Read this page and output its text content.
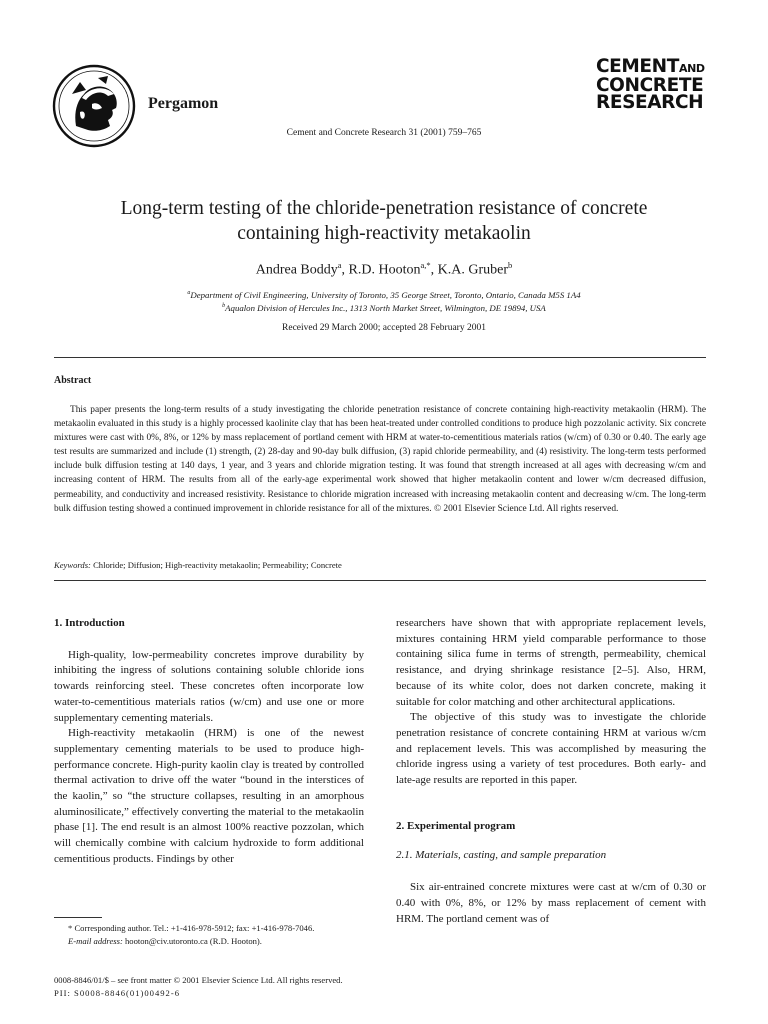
Pergamon
Cement and Concrete Research 31 (2001) 759–765
CEMENTAND
CONCRETE
RESEARCH
Long-term testing of the chloride-penetration resistance of concrete
containing high-reactivity metakaolin
Andrea Boddy$^a$, R.D. Hooton$^{a,*}$, K.A. Gruber$^b$
$^a$Department of Civil Engineering, University of Toronto, 35 George Street, Toronto, Ontario, Canada M5S 1A4
$^b$Aqualon Division of Hercules Inc., 1313 North Market Street, Wilmington, DE 19894, USA
Received 29 March 2000; accepted 28 February 2001
Abstract

This paper presents the long-term results of a study investigating the chloride penetration resistance of concrete containing high-reactivity metakaolin (HRM). The metakaolin evaluated in this study is a highly processed kaolinite clay that has been heat-treated under controlled conditions to produce high pozzolanic activity. Six concrete mixtures were cast with 0%, 8%, or 12% by mass replacement of portland cement with HRM at water-to-cementitious materials ratios (w/cm) of 0.30 or 0.40. The early age test results are summarized and include (1) strength, (2) 28-day and 90-day bulk diffusion, (3) rapid chloride permeability, and (4) resistivity. The long-term tests performed include bulk diffusion testing at 140 days, 1 year, and 3 years and chloride migration testing. It was found that strength increased at all ages with decreasing w/cm and increasing content of HRM. The results from all of the early-age experimental work showed that higher metakaolin content and lower w/cm decreased diffusion, permeability, and conductivity and increased resistivity. Resistance to chloride migration increased with increasing metakaolin content and decreasing w/cm. The long-term bulk diffusion testing showed a continued improvement in chloride resistance for all of the mixtures. © 2001 Elsevier Science Ltd. All rights reserved.

Keywords: Chloride; Diffusion; High-reactivity metakaolin; Permeability; Concrete
1. Introduction

High-quality, low-permeability concretes improve durability by inhibiting the ingress of solutions containing soluble chloride ions towards reinforcing steel. These concretes often incorporate low water-to-cementitious materials ratios (w/cm) and use one or more supplementary cementing materials.

High-reactivity metakaolin (HRM) is one of the newest supplementary cementing materials to be used to produce high-performance concrete. High-purity kaolin clay is treated by controlled thermal activation to drive off the water “bound in the interstices of the kaolin,” so “the structure collapses, resulting in an amorphous aluminosilicate,” effectively converting the material to the metakaolin phase [1]. The end result is an almost 100% reactive pozzolan, which will chemically combine with calcium hydroxide to form additional cementitious products. Findings by other

researchers have shown that with appropriate replacement levels, mixtures containing HRM yield comparable performance to those containing silica fume in terms of strength, permeability, chemical resistance, and drying shrinkage resistance [2–5]. Also, HRM, because of its white color, does not darken concrete, making it suitable for color matching and other architectural applications.

The objective of this study was to investigate the chloride penetration resistance of concrete containing HRM at various w/cm and replacement levels. This was accomplished by measuring the chloride ingress using a variety of test procedures. Both early- and late-age results are reported in this paper.

2. Experimental program
2.1. Materials, casting, and sample preparation

Six air-entrained concrete mixtures were cast at w/cm of 0.30 or 0.40 with 0%, 8%, or 12% by mass replacement of cement with HRM. The portland cement was of

* Corresponding author. Tel.: +1-416-978-5912; fax: +1-416-978-7046.
E-mail address: hooton@civ.utoronto.ca (R.D. Hooton).
0008-8846/01/$ – see front matter © 2001 Elsevier Science Ltd. All rights reserved.
PII: S0008-8846(01)00492-6
